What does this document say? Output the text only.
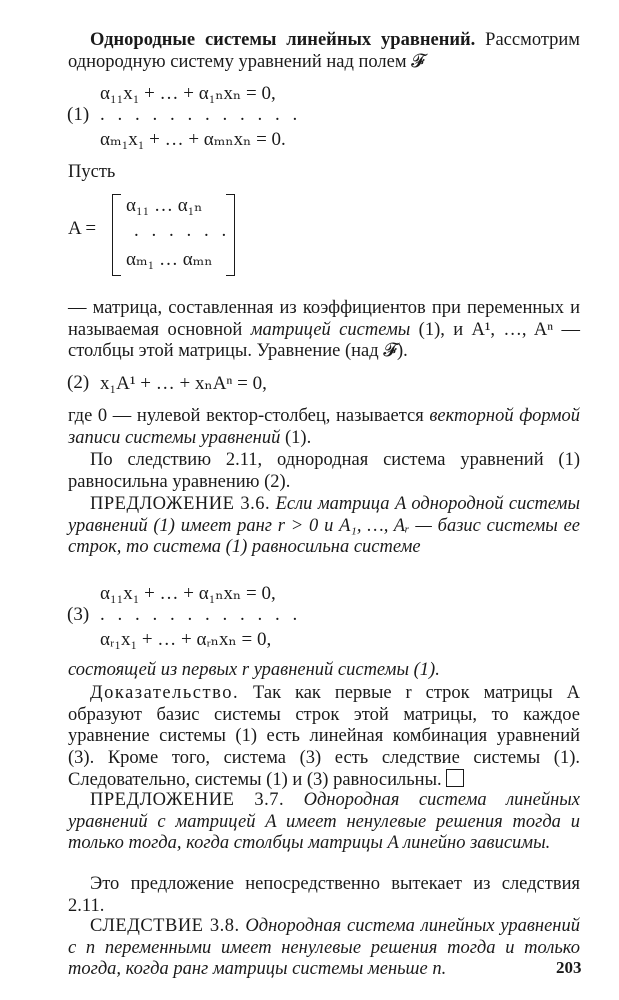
Однородные системы линейных уравнений. Рассмотрим однородную систему уравнений над полем 𝓕

(1)
α₁₁x₁ + … + α₁ₙxₙ = 0,
. . . . . . . . . . . .
αₘ₁x₁ + … + αₘₙxₙ = 0.

Пусть

A =
α₁₁ … α₁ₙ
. . . . . .
αₘ₁ … αₘₙ

— матрица, составленная из коэффициентов при переменных и называемая основной матрицей системы (1), и A¹, …, Aⁿ — столбцы этой матрицы. Уравнение (над 𝓕).

(2) x₁A¹ + … + xₙAⁿ = 0,

где 0 — нулевой вектор-столбец, называется векторной формой записи системы уравнений (1).

По следствию 2.11, однородная система уравнений (1) равносильна уравнению (2).

ПРЕДЛОЖЕНИЕ 3.6. Если матрица A однородной системы уравнений (1) имеет ранг r > 0 и A₁, …, Aᵣ — базис системы ее строк, то система (1) равносильна системе

(3)
α₁₁x₁ + … + α₁ₙxₙ = 0,
. . . . . . . . . . . .
αᵣ₁x₁ + … + αᵣₙxₙ = 0,

состоящей из первых r уравнений системы (1).

Доказательство. Так как первые r строк матрицы A образуют базис системы строк этой матрицы, то каждое уравнение системы (1) есть линейная комбинация уравнений (3). Кроме того, система (3) есть следствие системы (1). Следовательно, системы (1) и (3) равносильны.

ПРЕДЛОЖЕНИЕ 3.7. Однородная система линейных уравнений с матрицей A имеет ненулевые решения тогда и только тогда, когда столбцы матрицы A линейно зависимы.

Это предложение непосредственно вытекает из следствия 2.11.

СЛЕДСТВИЕ 3.8. Однородная система линейных уравнений с n переменными имеет ненулевые решения тогда и только тогда, когда ранг матрицы системы меньше n.	203
